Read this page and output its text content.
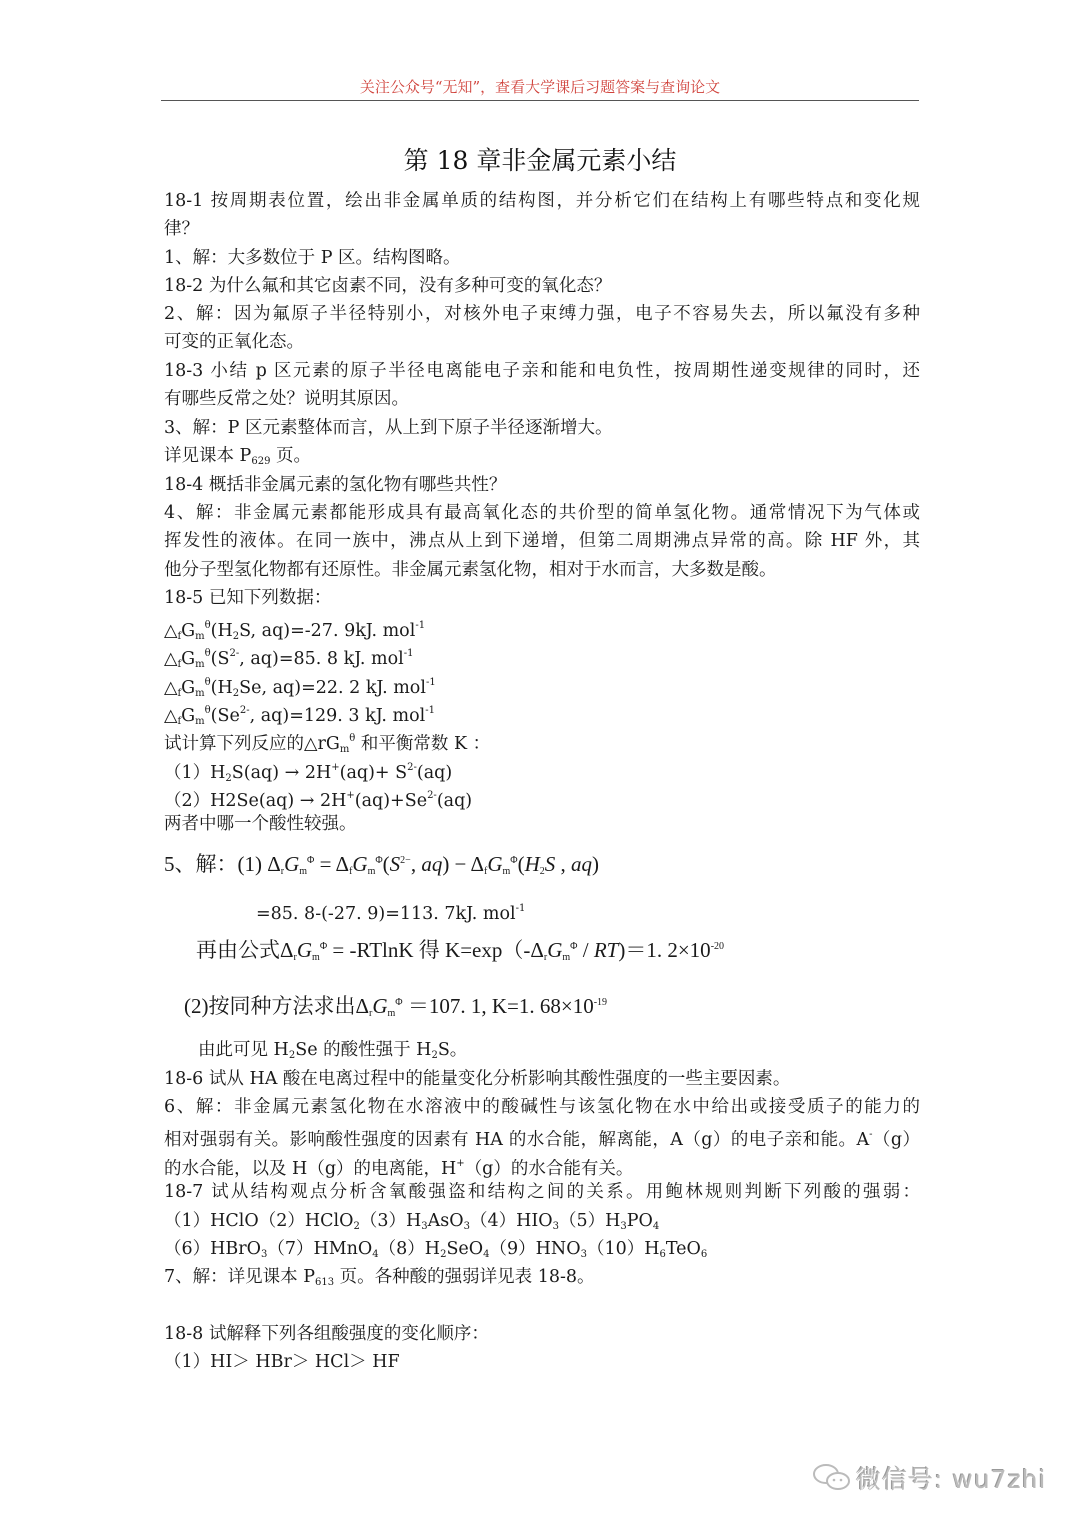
关注公众号“无知”，查看大学课后习题答案与查询论文
第 18 章非金属元素小结
18-1 按周期表位置，绘出非金属单质的结构图，并分析它们在结构上有哪些特点和变化规
律？
1、解：大多数位于 P 区。结构图略。
18-2 为什么氟和其它卤素不同，没有多种可变的氧化态？
2、解：因为氟原子半径特别小，对核外电子束缚力强，电子不容易失去，所以氟没有多种
可变的正氧化态。
18-3 小结 p 区元素的原子半径电离能电子亲和能和电负性，按周期性递变规律的同时，还
有哪些反常之处？说明其原因。
3、解：P 区元素整体而言，从上到下原子半径逐渐增大。
详见课本 $P_{629}$ 页。
18-4 概括非金属元素的氢化物有哪些共性？
4、解：非金属元素都能形成具有最高氧化态的共价型的简单氢化物。通常情况下为气体或
挥发性的液体。在同一族中，沸点从上到下递增，但第二周期沸点异常的高。除 HF 外，其
他分子型氢化物都有还原性。非金属元素氢化物，相对于水而言，大多数是酸。
18-5 已知下列数据：
$\triangle_fG_m^\theta(H_2S$, aq)=-27. 9kJ. mol$^{-1}$
$\triangle_fG_m^\theta(S^{2-}$, aq)=85. 8 kJ. mol$^{-1}$
$\triangle_fG_m^\theta(H_2Se$, aq)=22. 2 kJ. mol$^{-1}$
$\triangle_fG_m^\theta(Se^{2-}$, aq)=129. 3 kJ. mol$^{-1}$
试计算下列反应的$\triangle rG_m^\theta$ 和平衡常数 K ：
$(1)H_2S(aq) \to 2H^+(aq)+ S^{2-}(aq)$
$(2)H2Se(aq) \to 2H^+(aq)+Se^{2-}(aq)$
两者中哪一个酸性较强。
5、解：(1) $\Delta_rG_m^\Phi = \Delta_fG_m^\Phi(S^{2-}$, $aq) - \Delta_fG_m^\Phi(H_2S$ , aq)
=85. 8-(-27. 9)=113. 7kJ. mol$^{-1}$
再由公式$\Delta_rG_m^\Phi = -RTlnK$ 得 $K=\exp(-\Delta_rG_m^\Phi / RT)=1$. $2\times 10^{-20}$
(2)按同种方法求出$\Delta_rG_m^\Phi =107$. 1, K=1. $68\times 10^{-19}$
由此可见 $H_2Se$ 的酸性强于 $H_2S$。
18-6 试从 HA 酸在电离过程中的能量变化分析影响其酸性强度的一些主要因素。
6、解：非金属元素氢化物在水溶液中的酸碱性与该氢化物在水中给出或接受质子的能力的
相对强弱有关。影响酸性强度的因素有 HA 的水合能，解离能，A（g）的电子亲和能。A-（g）
的水合能，以及 H（g）的电离能，H+（g）的水合能有关。
18-7 试从结构观点分析含氧酸强盗和结构之间的关系。用鲍林规则判断下列酸的强弱：
$(1)HClO(2)HClO_2(3)H_3AsO_3(4)HIO_3(5)H_3PO_4$
$(6)HBrO_3(7)HMnO_4(8)H_2SeO_4(9)HNO_3(10)H_6TeO_6$
7、解：详见课本 $P_{613}$ 页。各种酸的强弱详见表 18-8。
18-8 试解释下列各组酸强度的变化顺序：
（1）HI＞ HBr＞ HCl＞ HF
微信号: wu7zhi
